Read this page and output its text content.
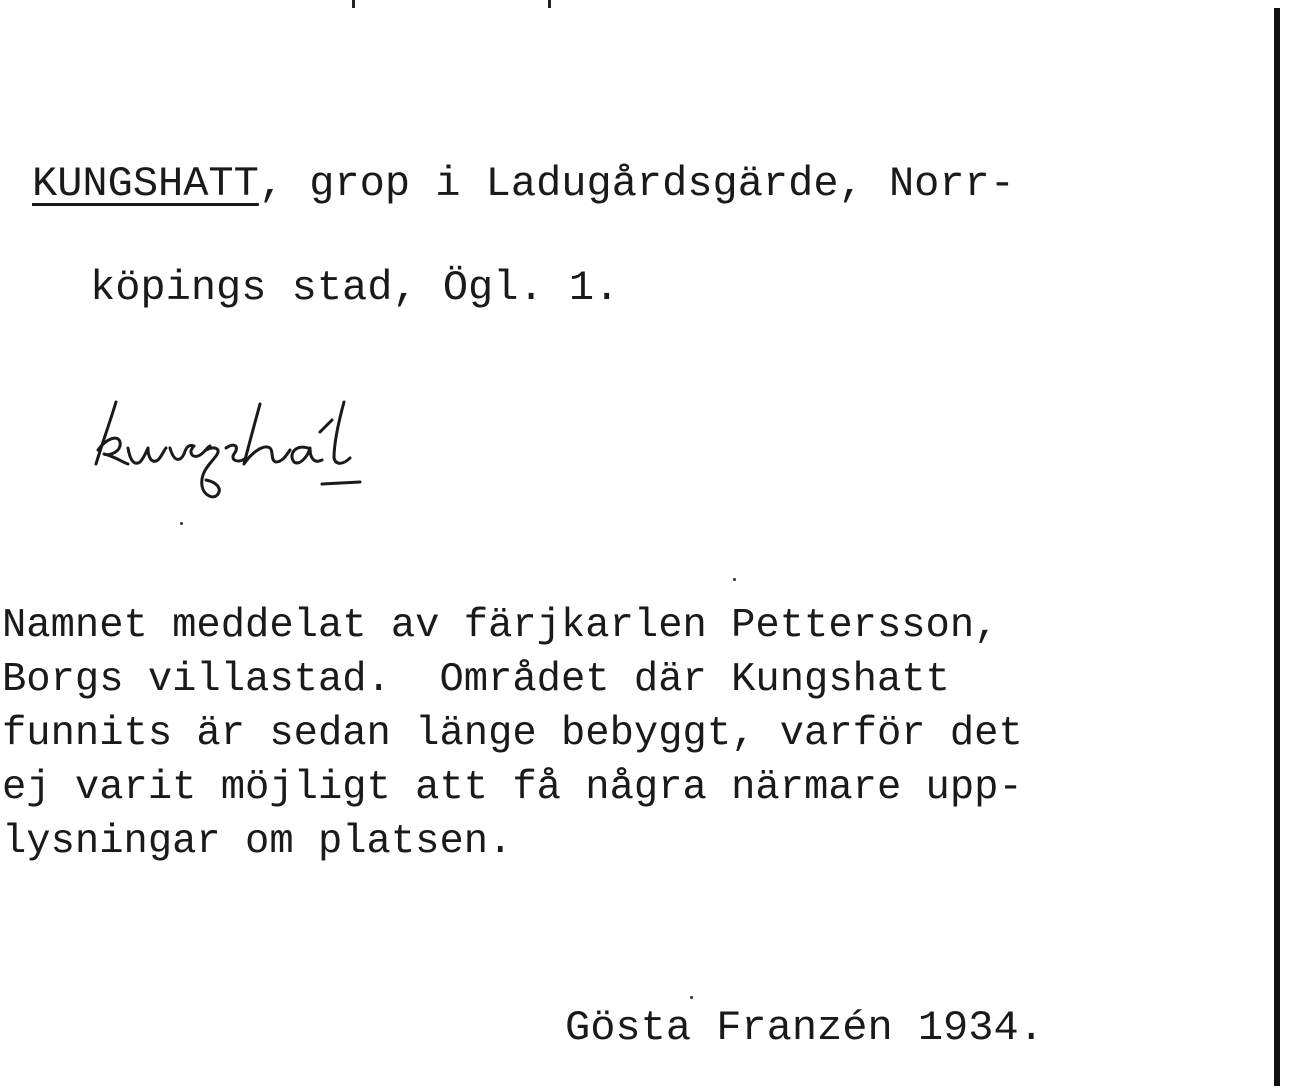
KUNGSHATT, grop i Ladugårdsgärde, Norr-
köpings stad, Ögl. 1.
Namnet meddelat av färjkarlen Pettersson,
Borgs villastad.  Området där Kungshatt
funnits är sedan länge bebyggt, varför det
ej varit möjligt att få några närmare upp-
lysningar om platsen.
Gösta Franzén 1934.
